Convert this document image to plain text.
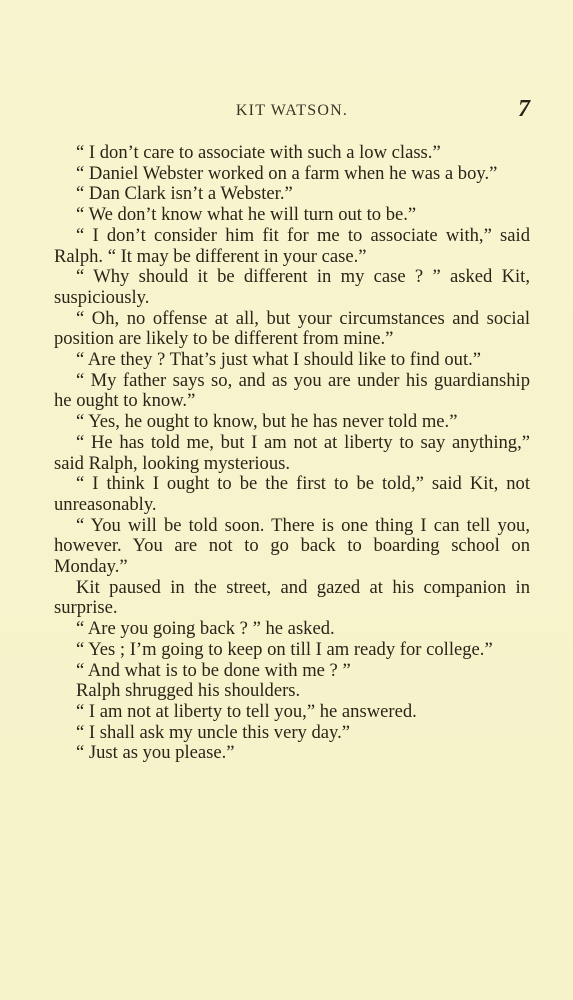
KIT WATSON.	7

“ I don’t care to associate with such a low class.”

“ Daniel Webster worked on a farm when he was a boy.”

“ Dan Clark isn’t a Webster.”

“ We don’t know what he will turn out to be.”

“ I don’t consider him fit for me to associate with,” said Ralph. “ It may be different in your case.”

“ Why should it be different in my case ? ” asked Kit, suspiciously.

“ Oh, no offense at all, but your circumstances and social position are likely to be different from mine.”

“ Are they ? That’s just what I should like to find out.”

“ My father says so, and as you are under his guardianship he ought to know.”

“ Yes, he ought to know, but he has never told me.”

“ He has told me, but I am not at liberty to say anything,” said Ralph, looking mysterious.

“ I think I ought to be the first to be told,” said Kit, not unreasonably.

“ You will be told soon. There is one thing I can tell you, however. You are not to go back to boarding school on Monday.”

Kit paused in the street, and gazed at his companion in surprise.

“ Are you going back ? ” he asked.

“ Yes ; I’m going to keep on till I am ready for college.”

“ And what is to be done with me ? ”

Ralph shrugged his shoulders.

“ I am not at liberty to tell you,” he answered.

“ I shall ask my uncle this very day.”

“ Just as you please.”
